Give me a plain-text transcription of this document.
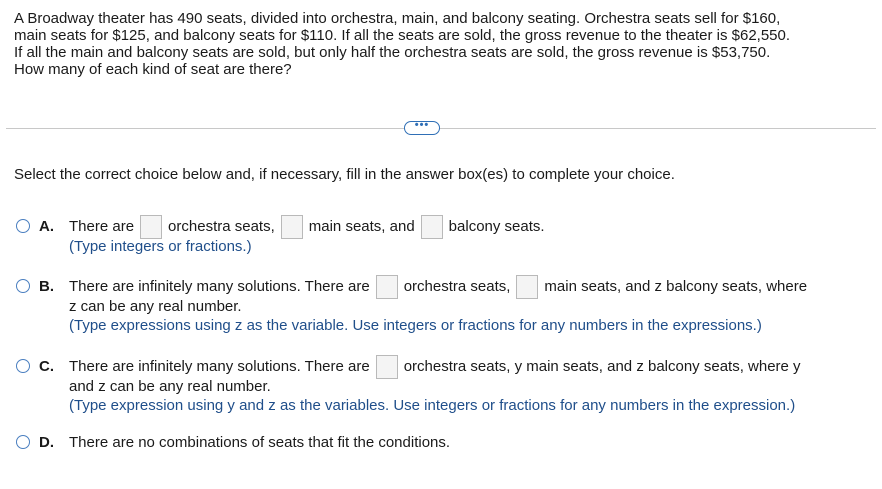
A Broadway theater has 490 seats, divided into orchestra, main, and balcony seating. Orchestra seats sell for $160,
main seats for $125, and balcony seats for $110. If all the seats are sold, the gross revenue to the theater is $62,550.
If all the main and balcony seats are sold, but only half the orchestra seats are sold, the gross revenue is $53,750.
How many of each kind of seat are there?
•••
Select the correct choice below and, if necessary, fill in the answer box(es) to complete your choice.
A. There are orchestra seats, main seats, and balcony seats.
(Type integers or fractions.)
B. There are infinitely many solutions. There are orchestra seats, main seats, and z balcony seats, where
z can be any real number.
(Type expressions using z as the variable. Use integers or fractions for any numbers in the expressions.)
C. There are infinitely many solutions. There are orchestra seats, y main seats, and z balcony seats, where y
and z can be any real number.
(Type expression using y and z as the variables. Use integers or fractions for any numbers in the expression.)
D. There are no combinations of seats that fit the conditions.
